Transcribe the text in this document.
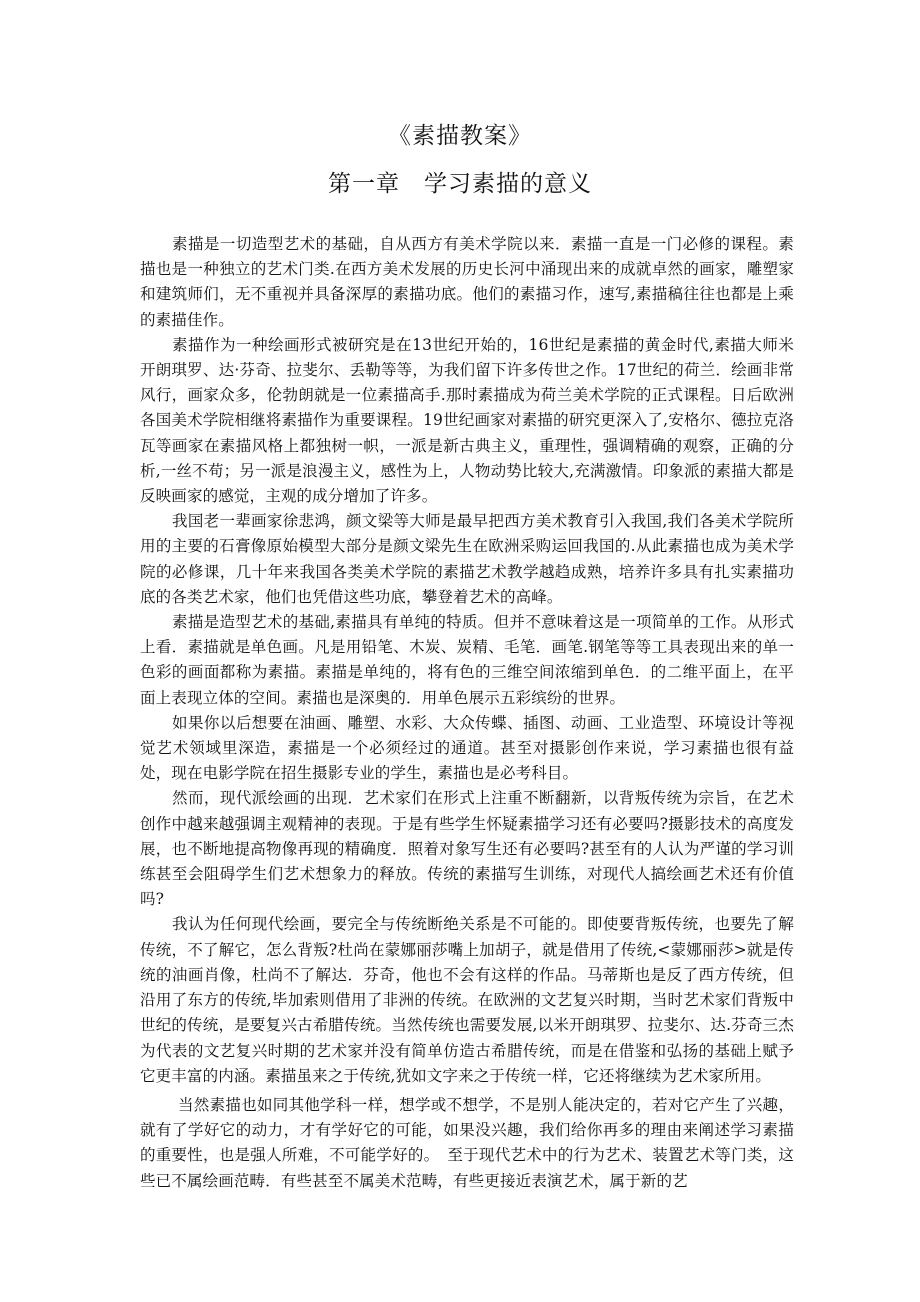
《素描教案》
第一章　学习素描的意义

素描是一切造型艺术的基础，自从西方有美术学院以来．素描一直是一门必修的课程。素描也是一种独立的艺术门类.在西方美术发展的历史长河中涌现出来的成就卓然的画家，雕塑家和建筑师们，无不重视并具备深厚的素描功底。他们的素描习作，速写,素描稿往往也都是上乘的素描佳作。

素描作为一种绘画形式被研究是在13世纪开始的，16世纪是素描的黄金时代,素描大师米开朗琪罗、达·芬奇、拉斐尔、丢勒等等，为我们留下许多传世之作。17世纪的荷兰．绘画非常风行，画家众多，伦勃朗就是一位素描高手.那时素描成为荷兰美术学院的正式课程。日后欧洲各国美术学院相继将素描作为重要课程。19世纪画家对素描的研究更深入了,安格尔、德拉克洛瓦等画家在素描风格上都独树一帜，一派是新古典主义，重理性，强调精确的观察，正确的分析,一丝不苟；另一派是浪漫主义，感性为上，人物动势比较大,充满激情。印象派的素描大都是反映画家的感觉，主观的成分增加了许多。

我国老一辈画家徐悲鸿，颜文梁等大师是最早把西方美术教育引入我国,我们各美术学院所用的主要的石膏像原始模型大部分是颜文梁先生在欧洲采购运回我国的.从此素描也成为美术学院的必修课，几十年来我国各类美术学院的素描艺术教学越趋成熟，培养许多具有扎实素描功底的各类艺术家，他们也凭借这些功底，攀登着艺术的高峰。

素描是造型艺术的基础,素描具有单纯的特质。但并不意味着这是一项简单的工作。从形式上看．素描就是单色画。凡是用铅笔、木炭、炭精、毛笔．画笔.钢笔等等工具表现出来的单一色彩的画面都称为素描。素描是单纯的，将有色的三维空间浓缩到单色．的二维平面上，在平面上表现立体的空间。素描也是深奥的．用单色展示五彩缤纷的世界。

如果你以后想要在油画、雕塑、水彩、大众传蝶、插图、动画、工业造型、环境设计等视觉艺术领域里深造，素描是一个必须经过的通道。甚至对摄影创作来说，学习素描也很有益处，现在电影学院在招生摄影专业的学生，素描也是必考科目。

然而，现代派绘画的出现．艺术家们在形式上注重不断翻新，以背叛传统为宗旨，在艺术创作中越来越强调主观精神的表现。于是有些学生怀疑素描学习还有必要吗?摄影技术的高度发展，也不断地提高物像再现的精确度．照着对象写生还有必要吗?甚至有的人认为严谨的学习训练甚至会阻碍学生们艺术想象力的释放。传统的素描写生训练，对现代人搞绘画艺术还有价值吗?

我认为任何现代绘画，要完全与传统断绝关系是不可能的。即使要背叛传统，也要先了解传统，不了解它，怎么背叛?杜尚在蒙娜丽莎嘴上加胡子，就是借用了传统,<蒙娜丽莎>就是传统的油画肖像，杜尚不了解达．芬奇，他也不会有这样的作品。马蒂斯也是反了西方传统，但沿用了东方的传统,毕加索则借用了非洲的传统。在欧洲的文艺复兴时期，当时艺术家们背叛中世纪的传统，是要复兴古希腊传统。当然传统也需要发展,以米开朗琪罗、拉斐尔、达.芬奇三杰为代表的文艺复兴时期的艺术家并没有简单仿造古希腊传统，而是在借鉴和弘扬的基础上赋予它更丰富的内涵。素描虽来之于传统,犹如文字来之于传统一样，它还将继续为艺术家所用。

当然素描也如同其他学科一样，想学或不想学，不是别人能决定的，若对它产生了兴趣，就有了学好它的动力，才有学好它的可能，如果没兴趣，我们给你再多的理由来阐述学习素描的重要性，也是强人所难，不可能学好的。　至于现代艺术中的行为艺术、装置艺术等门类，这些已不属绘画范畴．有些甚至不属美术范畴，有些更接近表演艺术，属于新的艺
